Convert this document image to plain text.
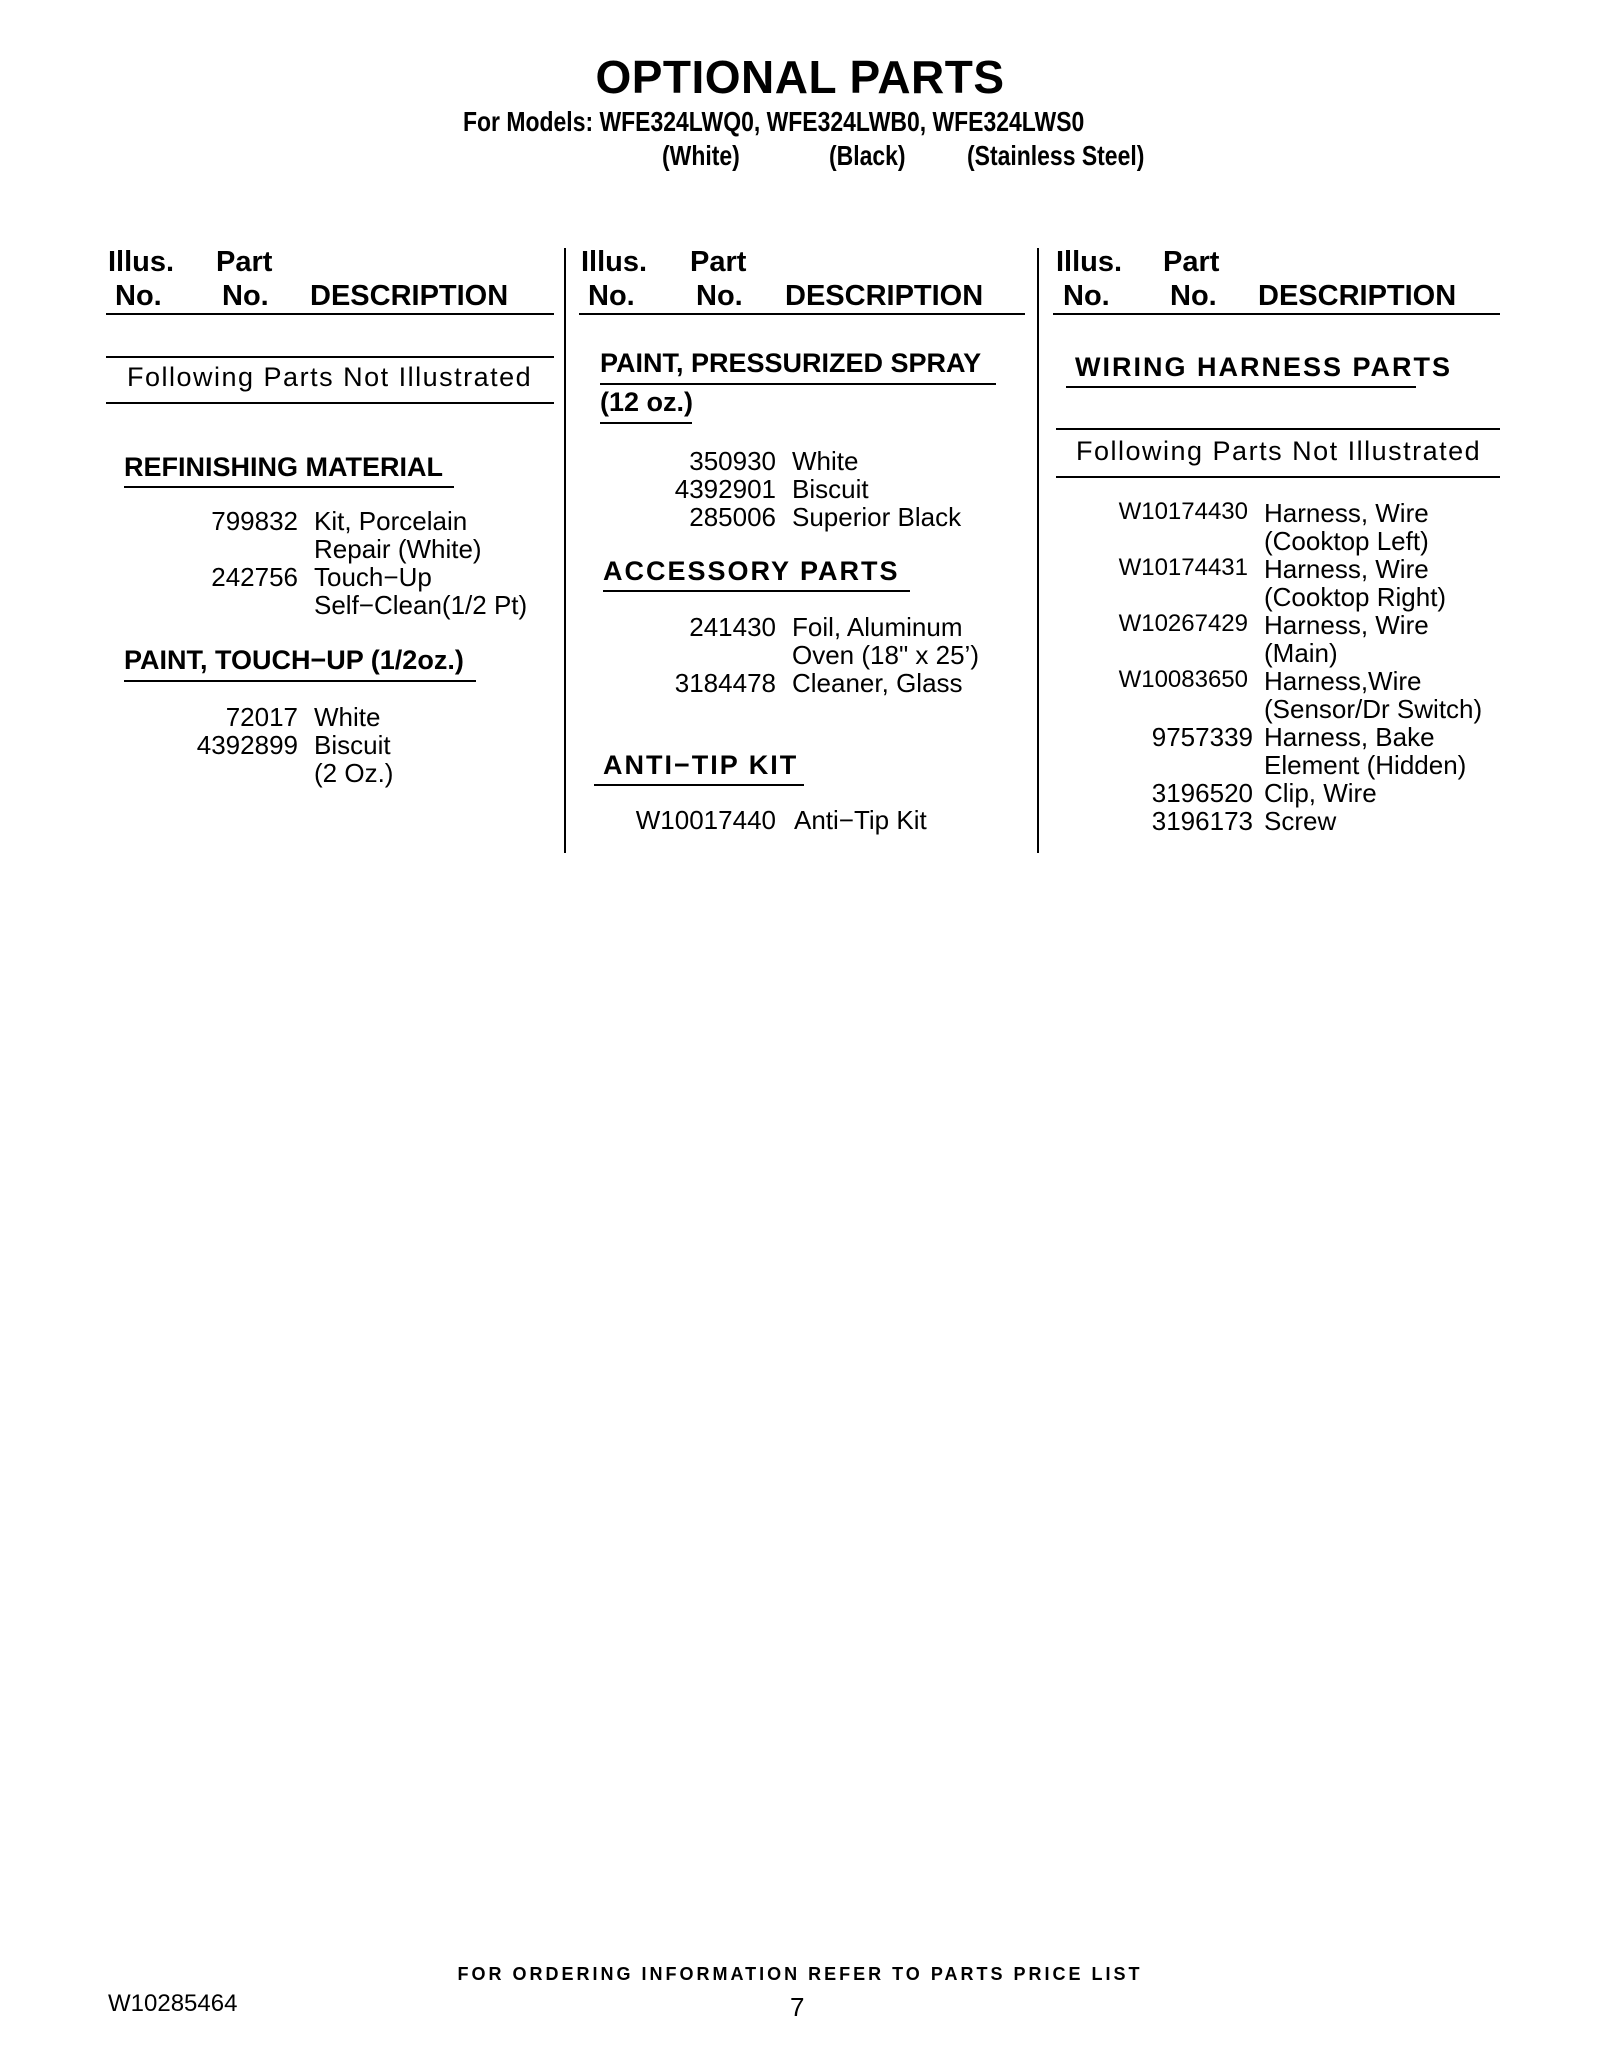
OPTIONAL PARTS
For Models: WFE324LWQ0, WFE324LWB0, WFE324LWS0
(White)	(Black) (Stainless Steel)
Illus.
No.
Part
No. DESCRIPTION
Following Parts Not Illustrated
REFINISHING MATERIAL
799832 Kit, Porcelain
Repair (White)
242756 Touch−Up
Self−Clean(1/2 Pt)
PAINT, TOUCH−UP (1/2oz.)
72017 White
4392899 Biscuit
(2 Oz.)
Illus.
No.
Part
No. DESCRIPTION
PAINT, PRESSURIZED SPRAY
(12 oz.)
350930 White
4392901 Biscuit
285006 Superior Black
ACCESSORY PARTS
241430 Foil, Aluminum
Oven (18" x 25’)
3184478 Cleaner, Glass
ANTI−TIP KIT
W10017440 Anti−Tip Kit
Illus.
No.
Part
No. DESCRIPTION
WIRING HARNESS PARTS
Following Parts Not Illustrated
W10174430 Harness, Wire
(Cooktop Left)
W10174431 Harness, Wire
(Cooktop Right)
W10267429 Harness, Wire
(Main)
W10083650 Harness,Wire
(Sensor/Dr Switch)
9757339 Harness, Bake
Element (Hidden)
3196520 Clip, Wire
3196173 Screw
FOR ORDERING INFORMATION REFER TO PARTS PRICE LIST
W10285464	7
